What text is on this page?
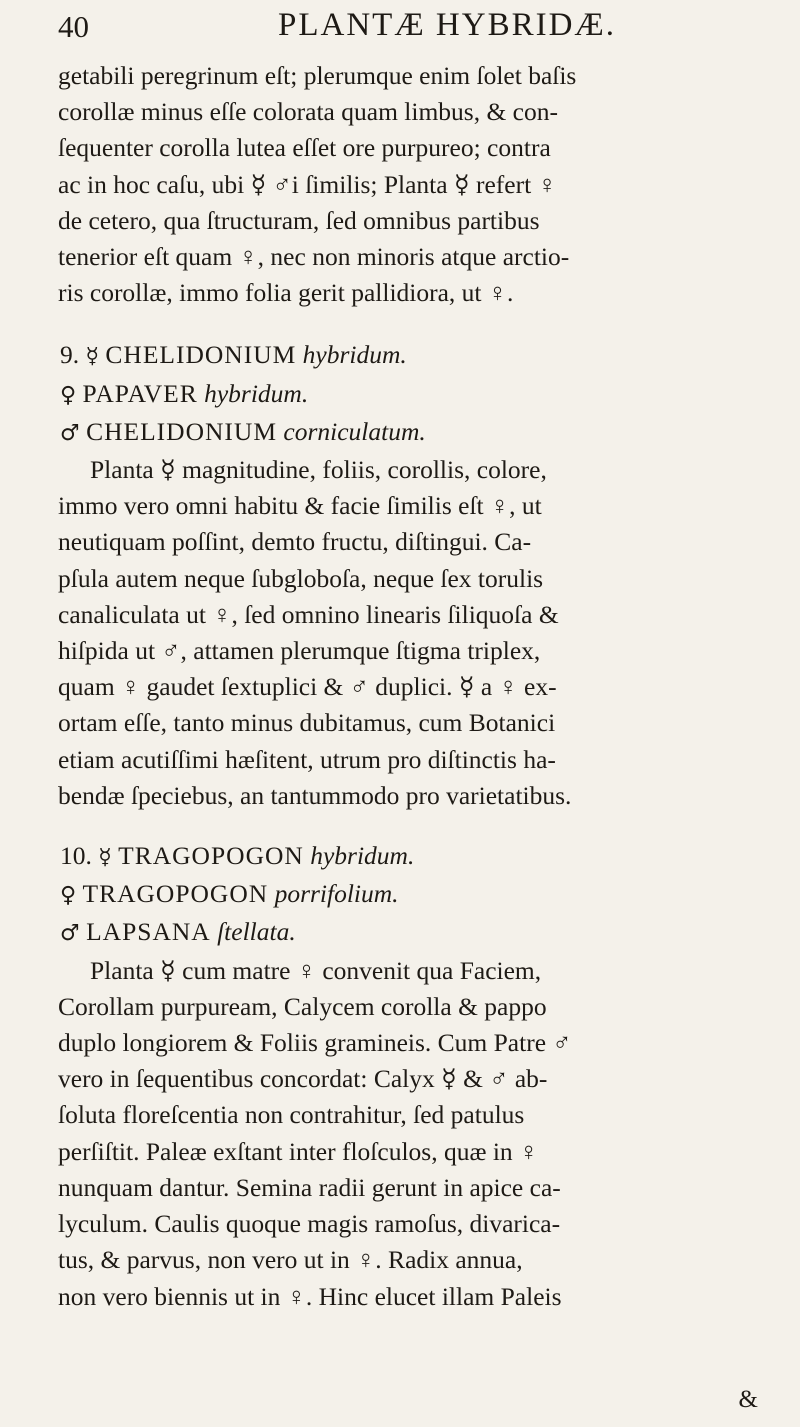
40	PLANTÆ HYBRIDÆ.

getabili peregrinum eſt; plerumque enim ſolet baſis
corollæ minus eſſe colorata quam limbus, & con-
ſequenter corolla lutea eſſet ore purpureo; contra
ac in hoc caſu, ubi ☿ ♂i ſimilis; Planta ☿ refert ♀
de cetero, qua ſtructuram, ſed omnibus partibus
tenerior eſt quam ♀, nec non minoris atque arctio-
ris corollæ, immo folia gerit pallidiora, ut ♀.

9. ☿ CHELIDONIUM hybridum.
♀ PAPAVER hybridum.
♂ CHELIDONIUM corniculatum.

Planta ☿ magnitudine, foliis, corollis, colore,
immo vero omni habitu & facie ſimilis eſt ♀, ut
neutiquam poſſint, demto fructu, diſtingui. Ca-
pſula autem neque ſubgloboſa, neque ſex torulis
canaliculata ut ♀, ſed omnino linearis ſiliquoſa &
hiſpida ut ♂, attamen plerumque ſtigma triplex,
quam ♀ gaudet ſextuplici & ♂ duplici. ☿ a ♀ ex-
ortam eſſe, tanto minus dubitamus, cum Botanici
etiam acutiſſimi hæſitent, utrum pro diſtinctis ha-
bendæ ſpeciebus, an tantummodo pro varietatibus.

10. ☿ TRAGOPOGON hybridum.
♀ TRAGOPOGON porrifolium.
♂ LAPSANA ſtellata.

Planta ☿ cum matre ♀ convenit qua Faciem,
Corollam purpuream, Calycem corolla & pappo
duplo longiorem & Foliis gramineis. Cum Patre ♂
vero in ſequentibus concordat: Calyx ☿ & ♂ ab-
ſoluta floreſcentia non contrahitur, ſed patulus
perſiſtit. Paleæ exſtant inter floſculos, quæ in ♀
nunquam dantur. Semina radii gerunt in apice ca-
lyculum. Caulis quoque magis ramoſus, divarica-
tus, & parvus, non vero ut in ♀. Radix annua,
non vero biennis ut in ♀. Hinc elucet illam Paleis

&
